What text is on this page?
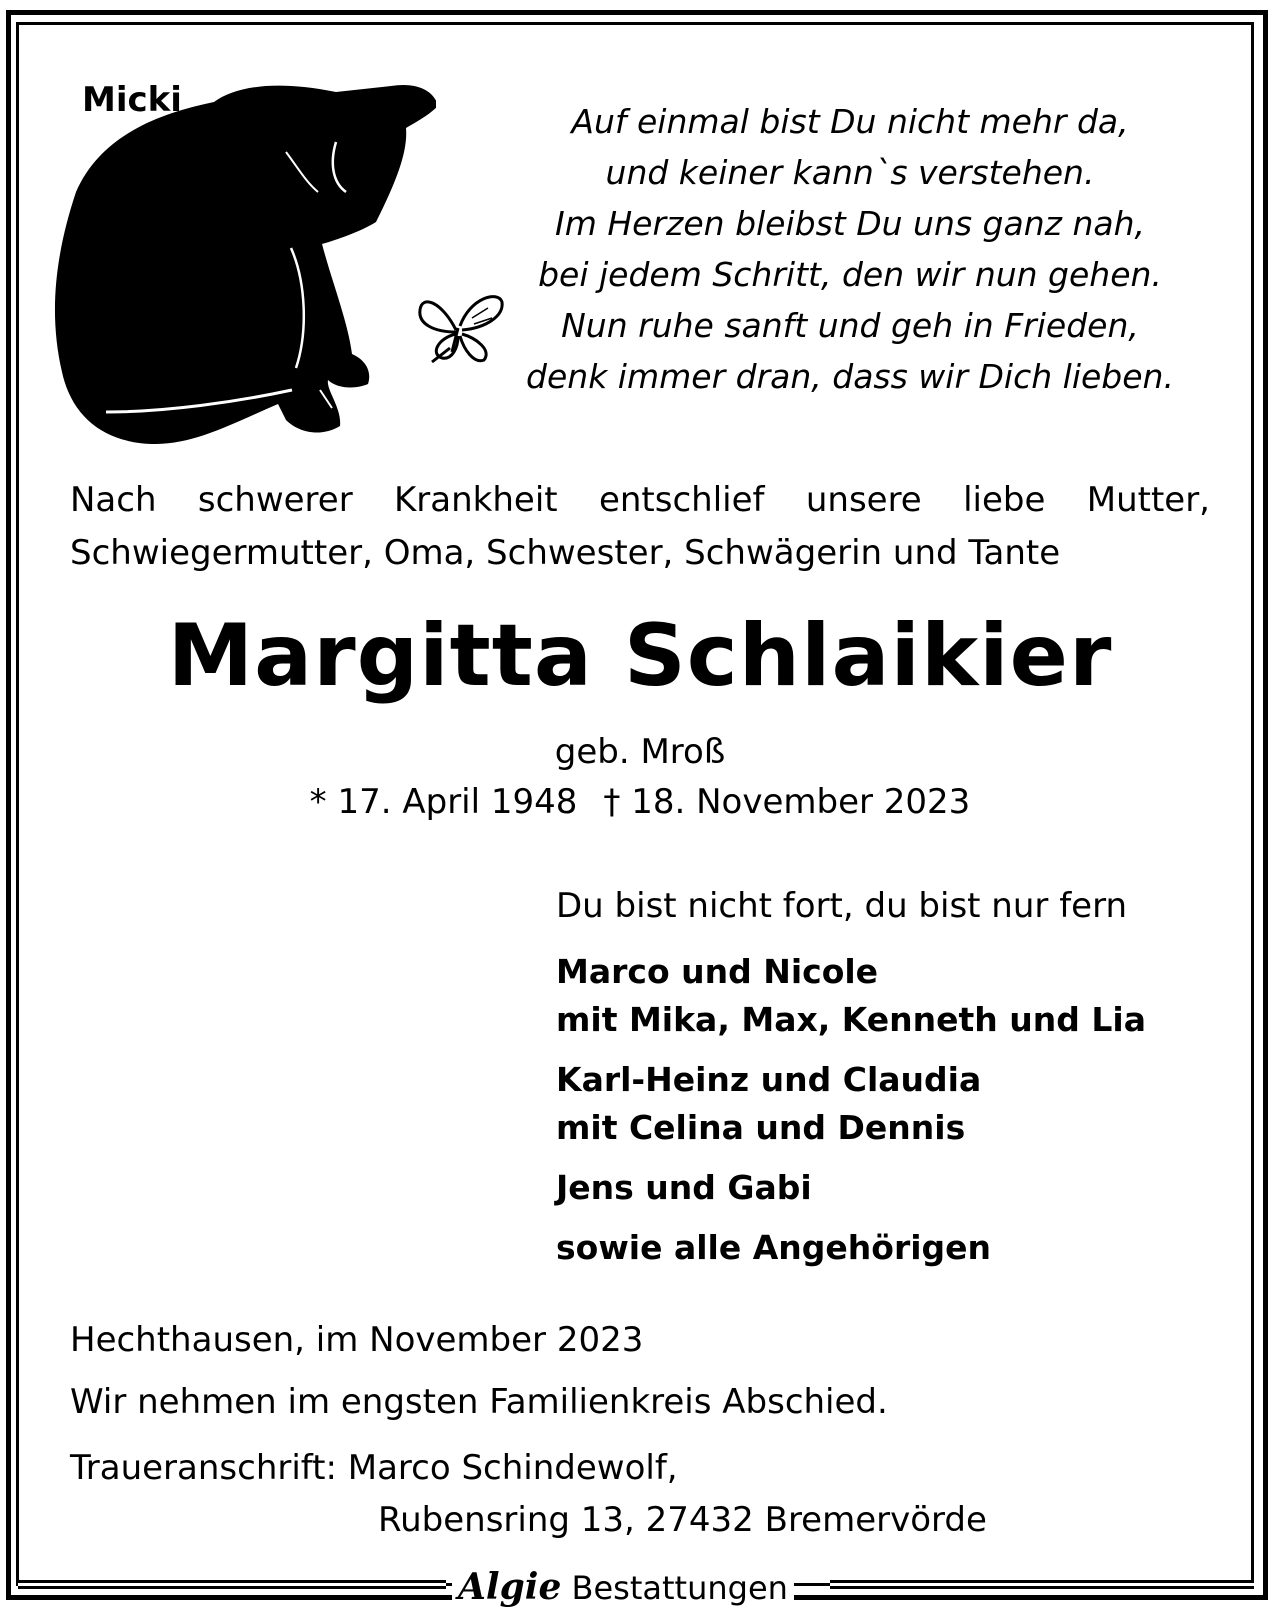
Micki
Auf einmal bist Du nicht mehr da,
und keiner kann`s verstehen.
Im Herzen bleibst Du uns ganz nah,
bei jedem Schritt, den wir nun gehen.
Nun ruhe sanft und geh in Frieden,
denk immer dran, dass wir Dich lieben.
Nach schwerer Krankheit entschlief unsere liebe Mutter,
Schwiegermutter, Oma, Schwester, Schwägerin und Tante
Margitta Schlaikier
geb. Mroß
* 17. April 1948 † 18. November 2023
Du bist nicht fort, du bist nur fern
Marco und Nicole
mit Mika, Max, Kenneth und Lia
Karl-Heinz und Claudia
mit Celina und Dennis
Jens und Gabi
sowie alle Angehörigen
Hechthausen, im November 2023
Wir nehmen im engsten Familienkreis Abschied.
Traueranschrift: Marco Schindewolf,
Rubensring 13, 27432 Bremervörde
Algie Bestattungen
